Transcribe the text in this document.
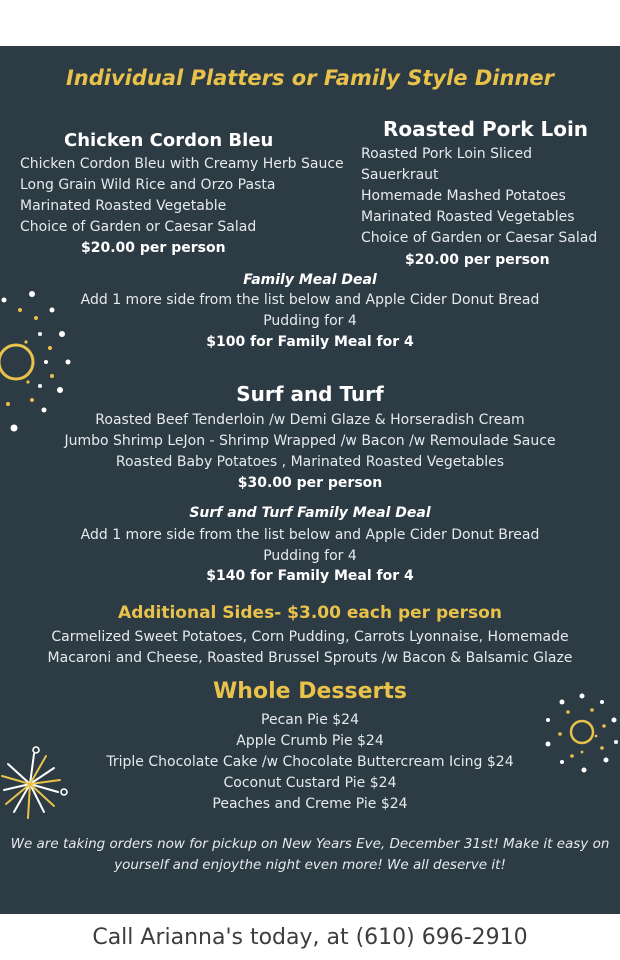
Individual Platters or Family Style Dinner
Chicken Cordon Bleu
Chicken Cordon Bleu with Creamy Herb Sauce
Long Grain Wild Rice and Orzo Pasta
Marinated Roasted Vegetable
Choice of Garden or Caesar Salad
$20.00 per person
Roasted Pork Loin
Roasted Pork Loin Sliced
Sauerkraut
Homemade Mashed Potatoes
Marinated Roasted Vegetables
Choice of Garden or Caesar Salad
$20.00 per person
Family Meal Deal
Add 1 more side from the list below and Apple Cider Donut Bread
Pudding for 4
$100 for Family Meal for 4
Surf and Turf
Roasted Beef Tenderloin /w Demi Glaze & Horseradish Cream
Jumbo Shrimp LeJon - Shrimp Wrapped /w Bacon /w Remoulade Sauce
Roasted Baby Potatoes , Marinated Roasted Vegetables
$30.00 per person
Surf and Turf Family Meal Deal
Add 1 more side from the list below and Apple Cider Donut Bread
Pudding for 4
$140 for Family Meal for 4
Additional Sides- $3.00 each per person
Carmelized Sweet Potatoes, Corn Pudding, Carrots Lyonnaise, Homemade
Macaroni and Cheese, Roasted Brussel Sprouts /w Bacon & Balsamic Glaze
Whole Desserts
Pecan Pie $24
Apple Crumb Pie $24
Triple Chocolate Cake /w Chocolate Buttercream Icing $24
Coconut Custard Pie $24
Peaches and Creme Pie $24
We are taking orders now for pickup on New Years Eve, December 31st! Make it easy on
yourself and enjoythe night even more! We all deserve it!
Call Arianna's today, at (610) 696-2910
